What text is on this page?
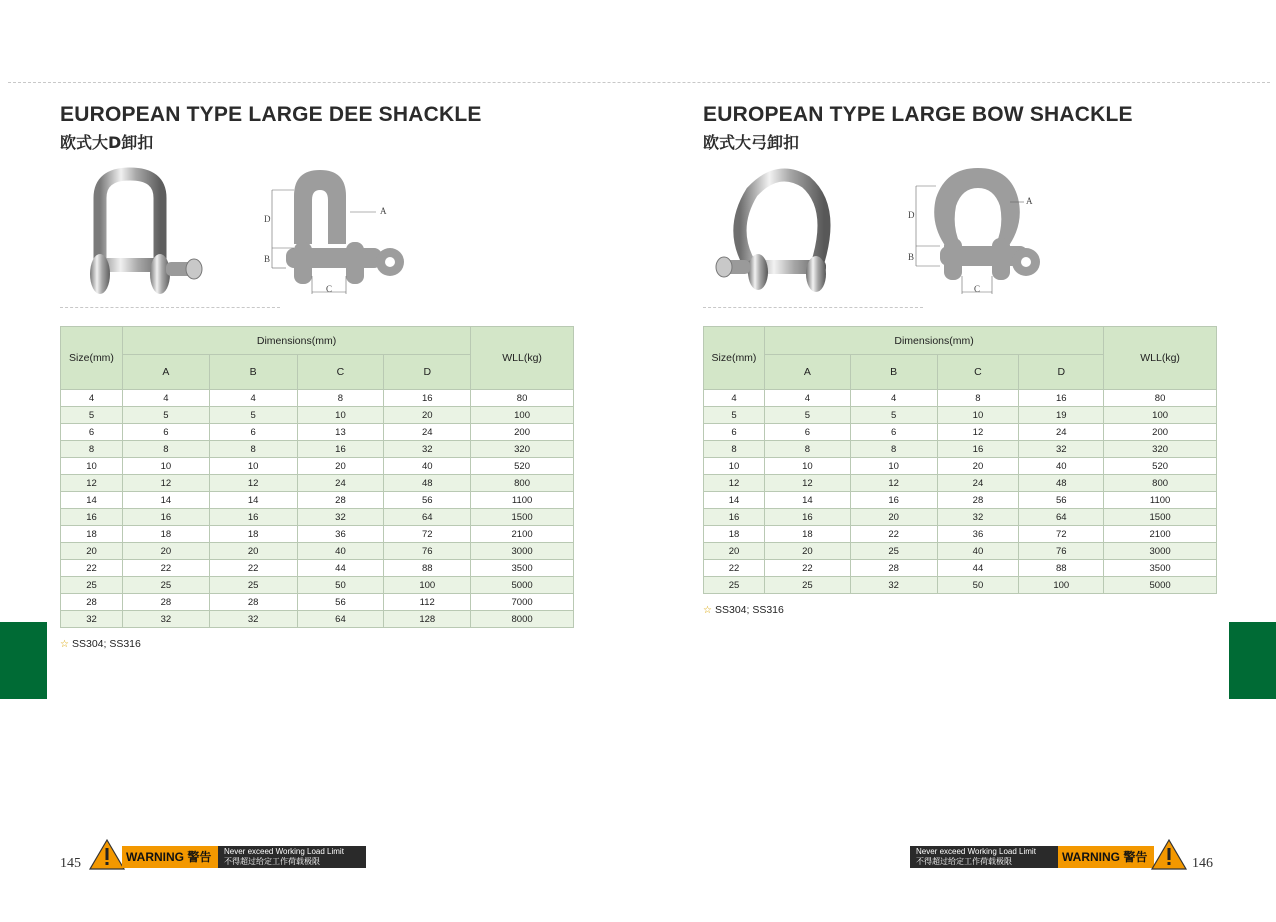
EUROPEAN TYPE LARGE DEE SHACKLE
欧式大D卸扣
D
B
C
A
Size(mm)	Dimensions(mm)				WLL(kg)
	A	B	C	D	
4	4	4	8	16	80
5	5	5	10	20	100
6	6	6	13	24	200
8	8	8	16	32	320
10	10	10	20	40	520
12	12	12	24	48	800
14	14	14	28	56	1100
16	16	16	32	64	1500
18	18	18	36	72	2100
20	20	20	40	76	3000
22	22	22	44	88	3500
25	25	25	50	100	5000
28	28	28	56	112	7000
32	32	32	64	128	8000
☆ SS304; SS316
145	WARNING 警告	Never exceed Working Load Limit
不得超过给定工作荷载极限
EUROPEAN TYPE LARGE BOW SHACKLE
欧式大弓卸扣
D
B
C
A
Size(mm)	Dimensions(mm)				WLL(kg)
	A	B	C	D	
4	4	4	8	16	80
5	5	5	10	19	100
6	6	6	12	24	200
8	8	8	16	32	320
10	10	10	20	40	520
12	12	12	24	48	800
14	14	16	28	56	1100
16	16	20	32	64	1500
18	18	22	36	72	2100
20	20	25	40	76	3000
22	22	28	44	88	3500
25	25	32	50	100	5000
☆ SS304; SS316
146
Never exceed Working Load Limit
不得超过给定工作荷载极限	WARNING 警告
